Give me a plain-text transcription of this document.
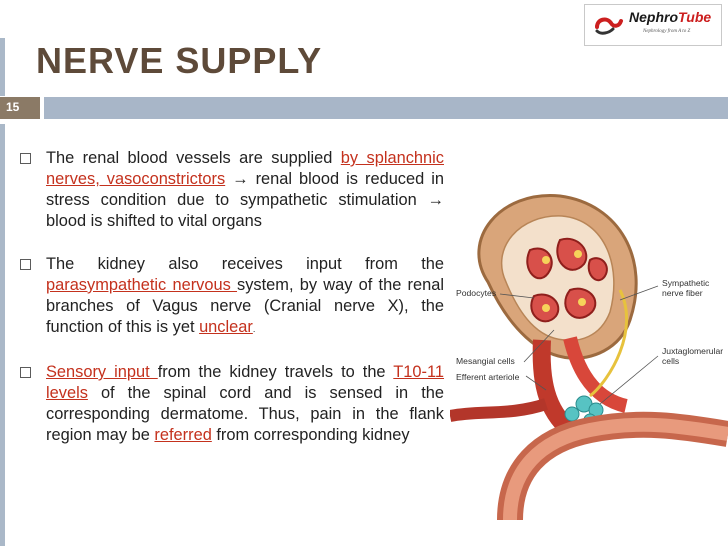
NERVE SUPPLY
NephroTube
Nephrology from A to Z
15
The renal blood vessels are supplied by splanchnic nerves, vasoconstrictors → renal blood is reduced in stress condition due to sympathetic stimulation → blood is shifted to vital organs
The kidney also receives input from the parasympathetic nervous system, by way of the renal branches of Vagus nerve (Cranial nerve X), the function of this is yet unclear.
Sensory input from the kidney travels to the T10-11 levels of the spinal cord and is sensed in the corresponding dermatome. Thus, pain in the flank region may be referred from corresponding kidney
Podocytes
Mesangial cells
Efferent arteriole
Sympathetic nerve fiber
Juxtaglomerular cells
